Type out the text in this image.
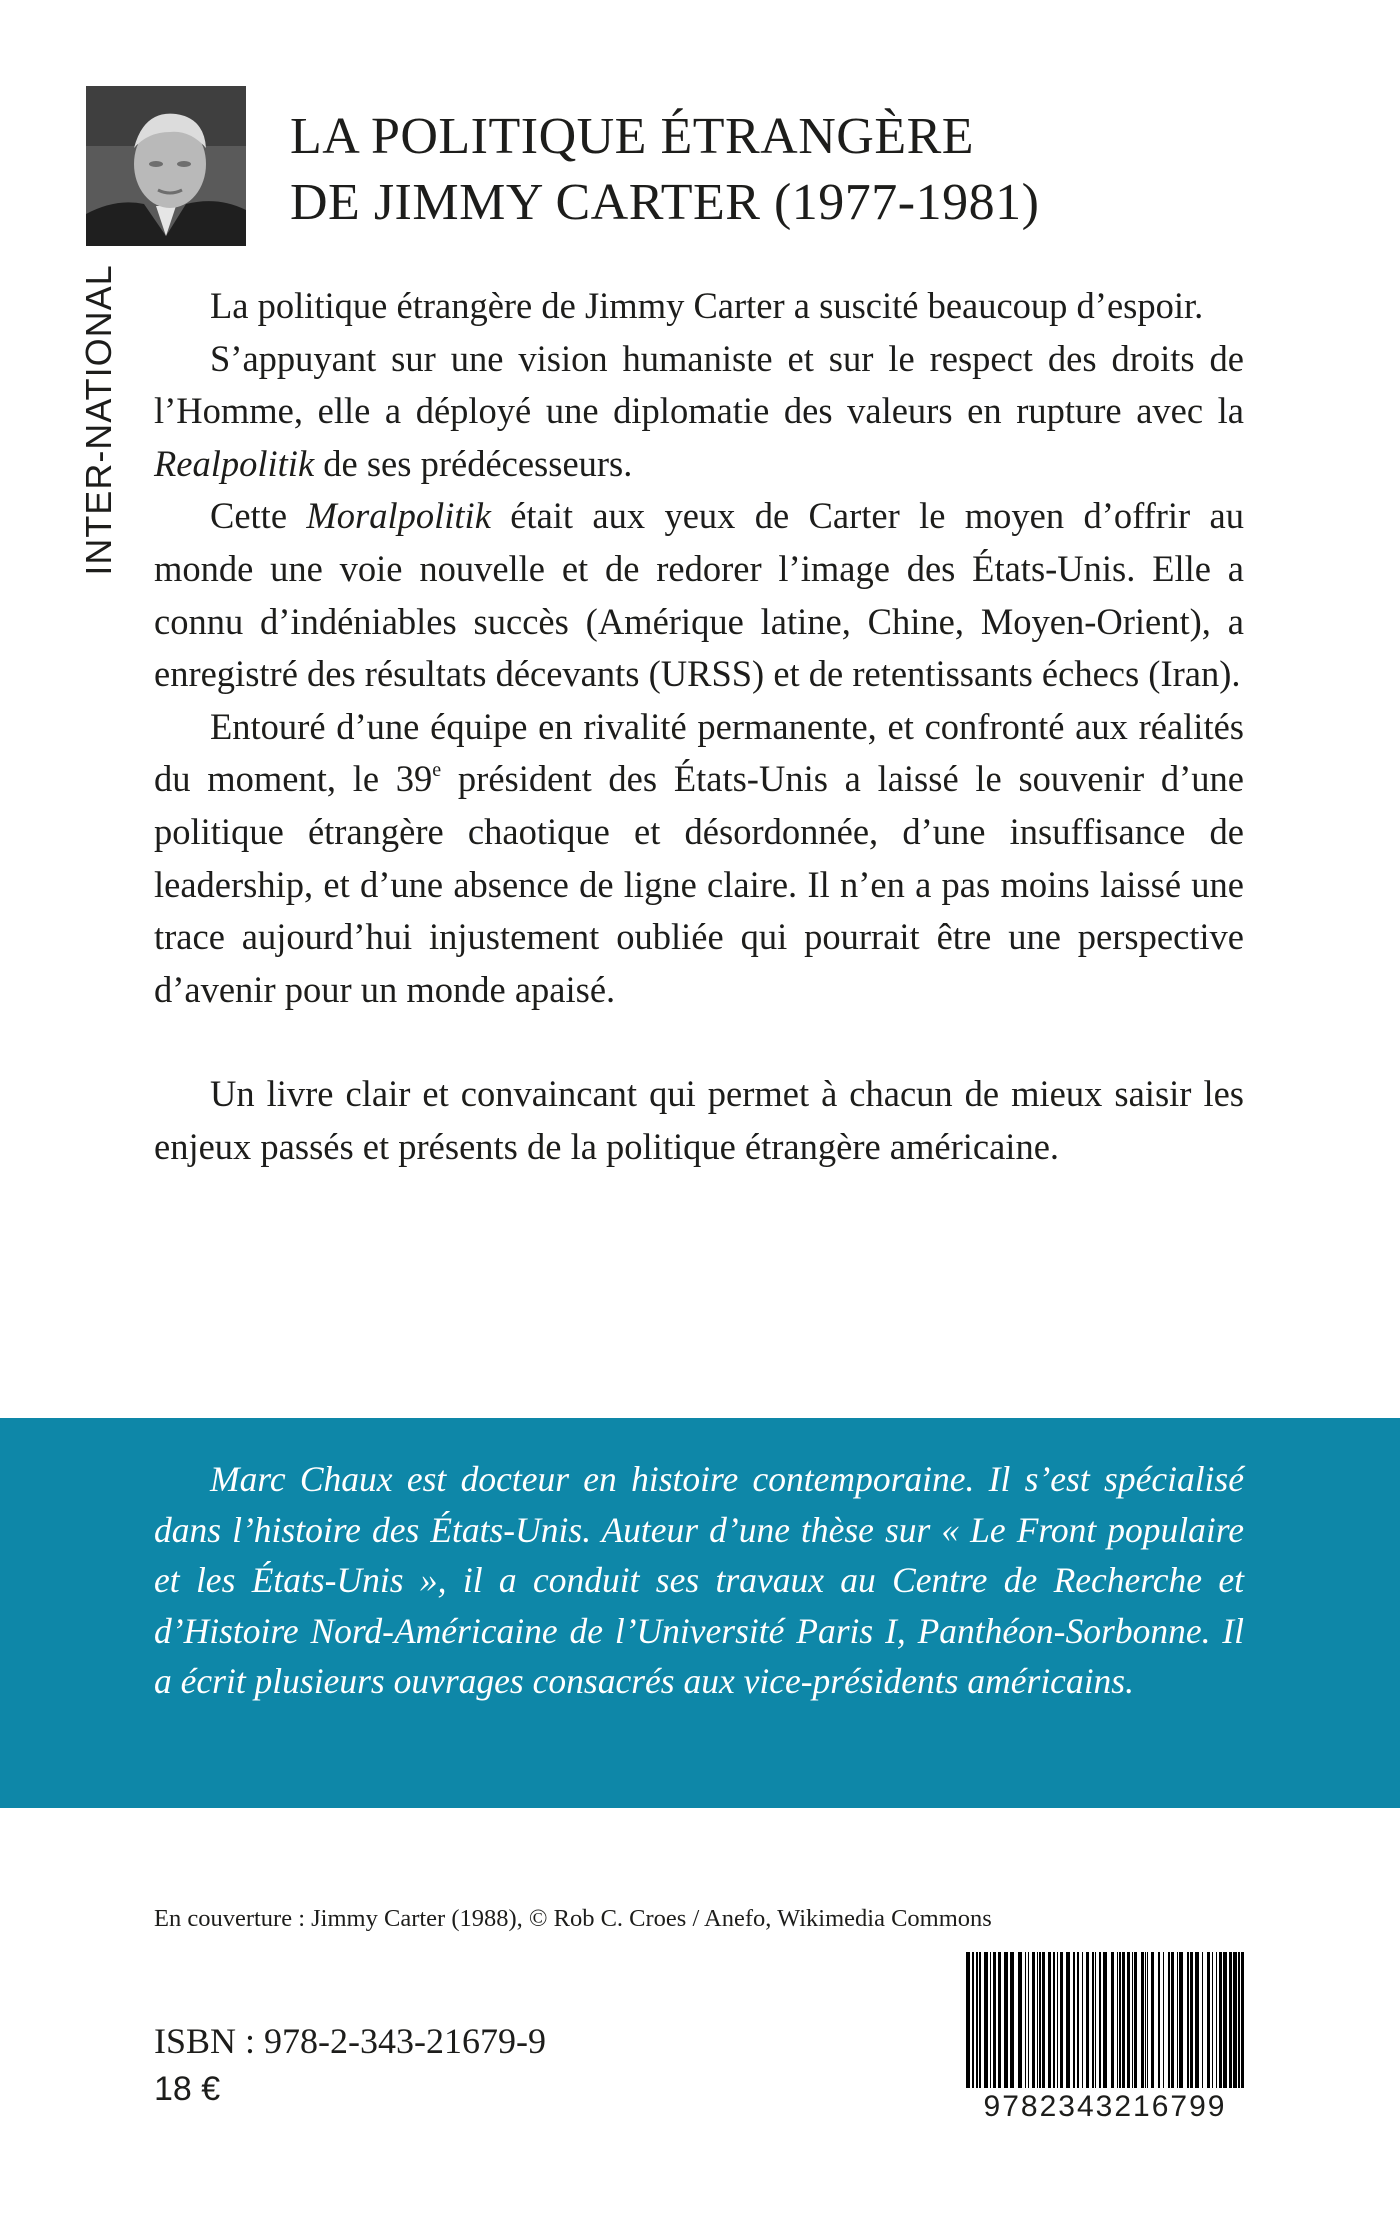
INTER-NATIONAL
LA POLITIQUE ÉTRANGÈRE
DE JIMMY CARTER (1977-1981)

La politique étrangère de Jimmy Carter a suscité beaucoup d’espoir.

S’appuyant sur une vision humaniste et sur le respect des droits de l’Homme, elle a déployé une diplomatie des valeurs en rupture avec la Realpolitik de ses prédécesseurs.

Cette Moralpolitik était aux yeux de Carter le moyen d’offrir au monde une voie nouvelle et de redorer l’image des États-Unis. Elle a connu d’indéniables succès (Amérique latine, Chine, Moyen-Orient), a enregistré des résultats décevants (URSS) et de retentissants échecs (Iran).

Entouré d’une équipe en rivalité permanente, et confronté aux réalités du moment, le 39e président des États-Unis a laissé le souvenir d’une politique étrangère chaotique et désordonnée, d’une insuffisance de leadership, et d’une absence de ligne claire. Il n’en a pas moins laissé une trace aujourd’hui injustement oubliée qui pourrait être une perspective d’avenir pour un monde apaisé.

Un livre clair et convaincant qui permet à chacun de mieux saisir les enjeux passés et présents de la politique étrangère américaine.

Marc Chaux est docteur en histoire contemporaine. Il s’est spécialisé dans l’histoire des États-Unis. Auteur d’une thèse sur « Le Front populaire et les États-Unis », il a conduit ses travaux au Centre de Recherche et d’Histoire Nord-Américaine de l’Université Paris I, Panthéon-Sorbonne. Il a écrit plusieurs ouvrages consacrés aux vice-présidents américains.

En couverture : Jimmy Carter (1988), © Rob C. Croes / Anefo, Wikimedia Commons

ISBN : 978-2-343-21679-9

18 €	9782343216799
